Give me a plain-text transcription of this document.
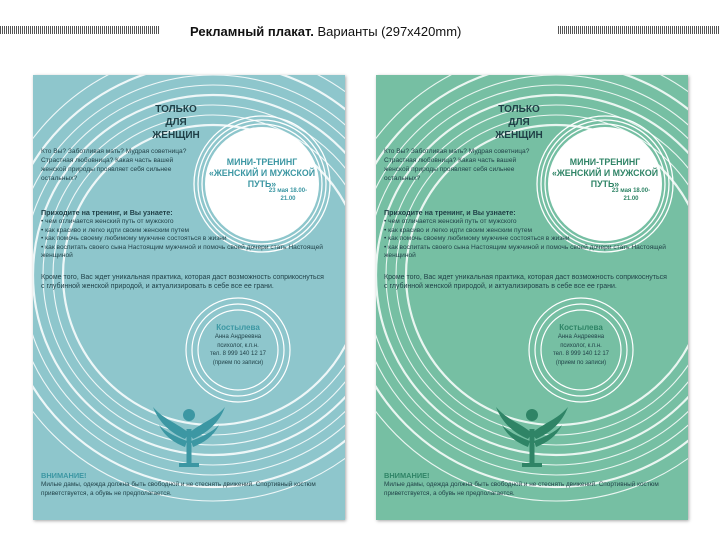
Рекламный плакат. Варианты (297х420mm)
ТОЛЬКО
ДЛЯ ЖЕНЩИН
Кто Вы? Заботливая мать? Мудрая советница? Страстная любовница? Какая часть вашей женской природы проявляет себя сильнее остальных?
МИНИ-ТРЕНИНГ «ЖЕНСКИЙ И МУЖСКОЙ ПУТЬ»
23 мая 18.00-21.00
Приходите на тренинг, и Вы узнаете:
• чем отличается женский путь от мужского
• как красиво и легко идти своим женским путем
• как помочь своему любимому мужчине состояться в жизни
• как воспитать своего сына Настоящим мужчиной и помочь своей дочери стать Настоящей женщиной
Кроме того, Вас ждет уникальная практика, которая даст возможность соприкоснуться с глубинной женской природой, и актуализировать в себе все ее грани.
Костылева
Анна Андреевна
психолог, к.п.н.
тел. 8 999 140 12 17
(прием по записи)
ВНИМАНИЕ!
Милые дамы, одежда должна быть свободной и не стеснять движений. Спортивный костюм приветствуется, а обувь не предполагается.
ТОЛЬКО
ДЛЯ ЖЕНЩИН
Кто Вы? Заботливая мать? Мудрая советница? Страстная любовница? Какая часть вашей женской природы проявляет себя сильнее остальных?
МИНИ-ТРЕНИНГ «ЖЕНСКИЙ И МУЖСКОЙ ПУТЬ»
23 мая 18.00-21.00
Приходите на тренинг, и Вы узнаете:
• чем отличается женский путь от мужского
• как красиво и легко идти своим женским путем
• как помочь своему любимому мужчине состояться в жизни
• как воспитать своего сына Настоящим мужчиной и помочь своей дочери стать Настоящей женщиной
Кроме того, Вас ждет уникальная практика, которая даст возможность соприкоснуться с глубинной женской природой, и актуализировать в себе все ее грани.
Костылева
Анна Андреевна
психолог, к.п.н.
тел. 8 999 140 12 17
(прием по записи)
ВНИМАНИЕ!
Милые дамы, одежда должна быть свободной и не стеснять движений. Спортивный костюм приветствуется, а обувь не предполагается.
